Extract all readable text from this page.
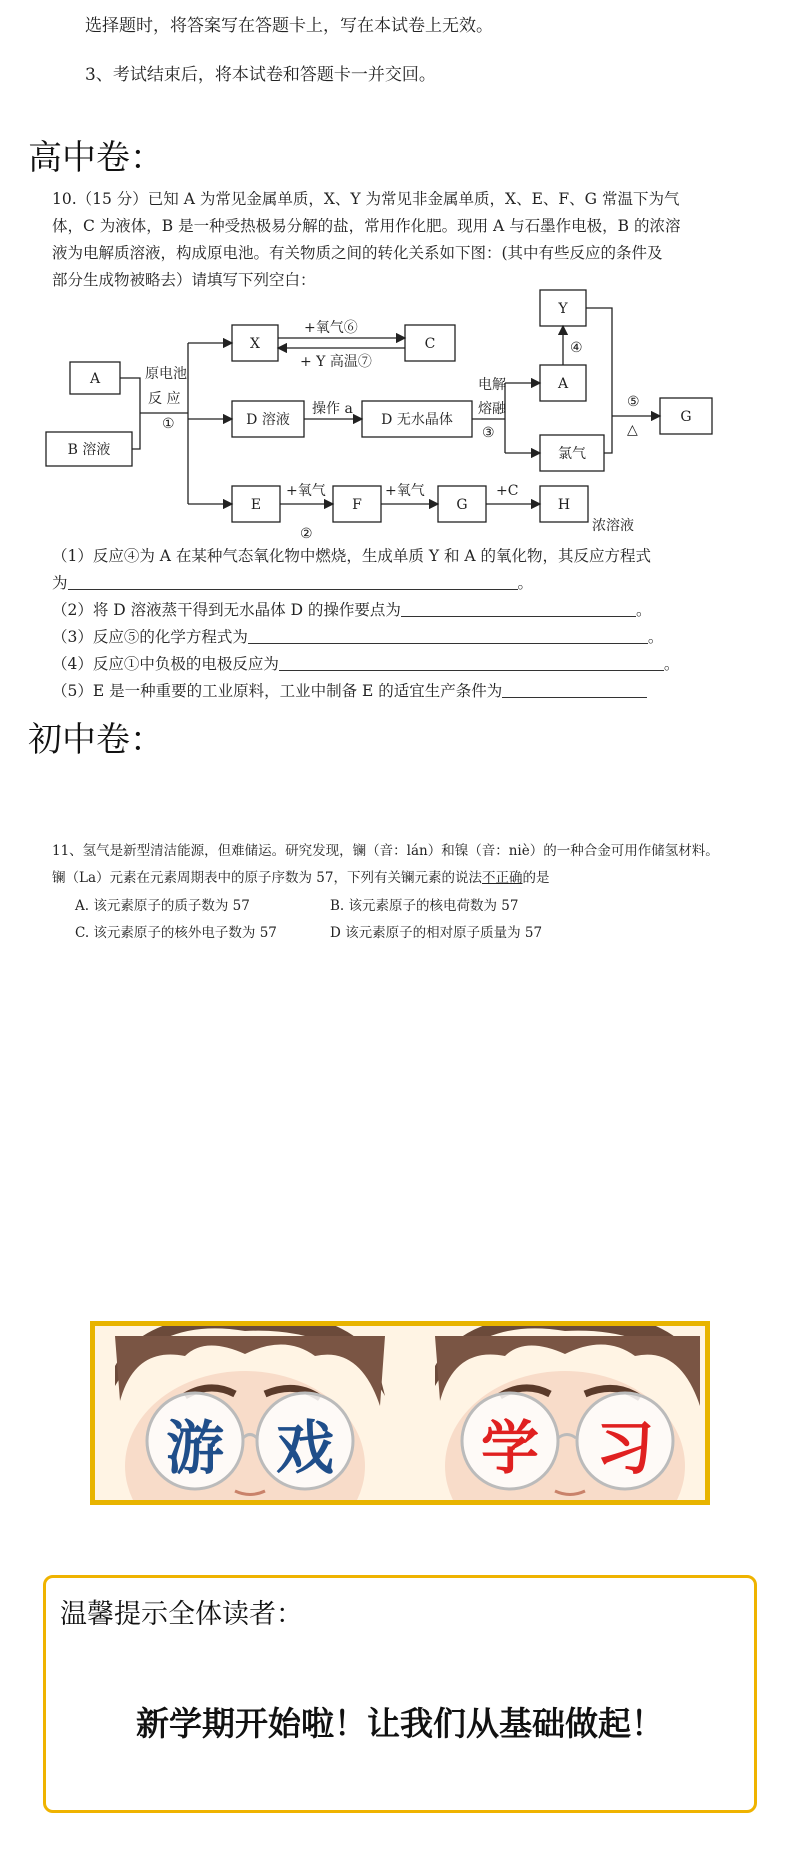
选择题时，将答案写在答题卡上，写在本试卷上无效。
3、考试结束后，将本试卷和答题卡一并交回。
高中卷：
10.（15 分）已知 A 为常见金属单质，X、Y 为常见非金属单质，X、E、F、G 常温下为气
体，C 为液体，B 是一种受热极易分解的盐，常用作化肥。现用 A 与石墨作电极，B 的浓溶
液为电解质溶液，构成原电池。有关物质之间的转化关系如下图：(其中有些反应的条件及
部分生成物被略去）请填写下列空白：
A
B 溶液
原电池
反 应
①
X	C
+氧气⑥
+ Y 高温⑦
D 溶液
操作 a
D 无水晶体
电解
熔融
③
Y
④
A
氯气
⑤
△
G
E
+氧气
②
F
+氧气
G
+C
H
浓溶液
（1）反应④为 A 在某种气态氧化物中燃烧，生成单质 Y 和 A 的氧化物，其反应方程式
为	。
（2）将 D 溶液蒸干得到无水晶体 D 的操作要点为	。
（3）反应⑤的化学方程式为	。
（4）反应①中负极的电极反应为	。
（5）E 是一种重要的工业原料，工业中制备 E 的适宜生产条件为
初中卷：
11、氢气是新型清洁能源，但难储运。研究发现，镧（音：lán）和镍（音：niè）的一种合金可用作储氢材料。
镧（La）元素在元素周期表中的原子序数为 57，下列有关镧元素的说法不正确的是
A. 该元素原子的质子数为 57	B. 该元素原子的核电荷数为 57
C. 该元素原子的核外电子数为 57	D 该元素原子的相对原子质量为 57
游 戏	学 习
温馨提示全体读者：
新学期开始啦！让我们从基础做起！
